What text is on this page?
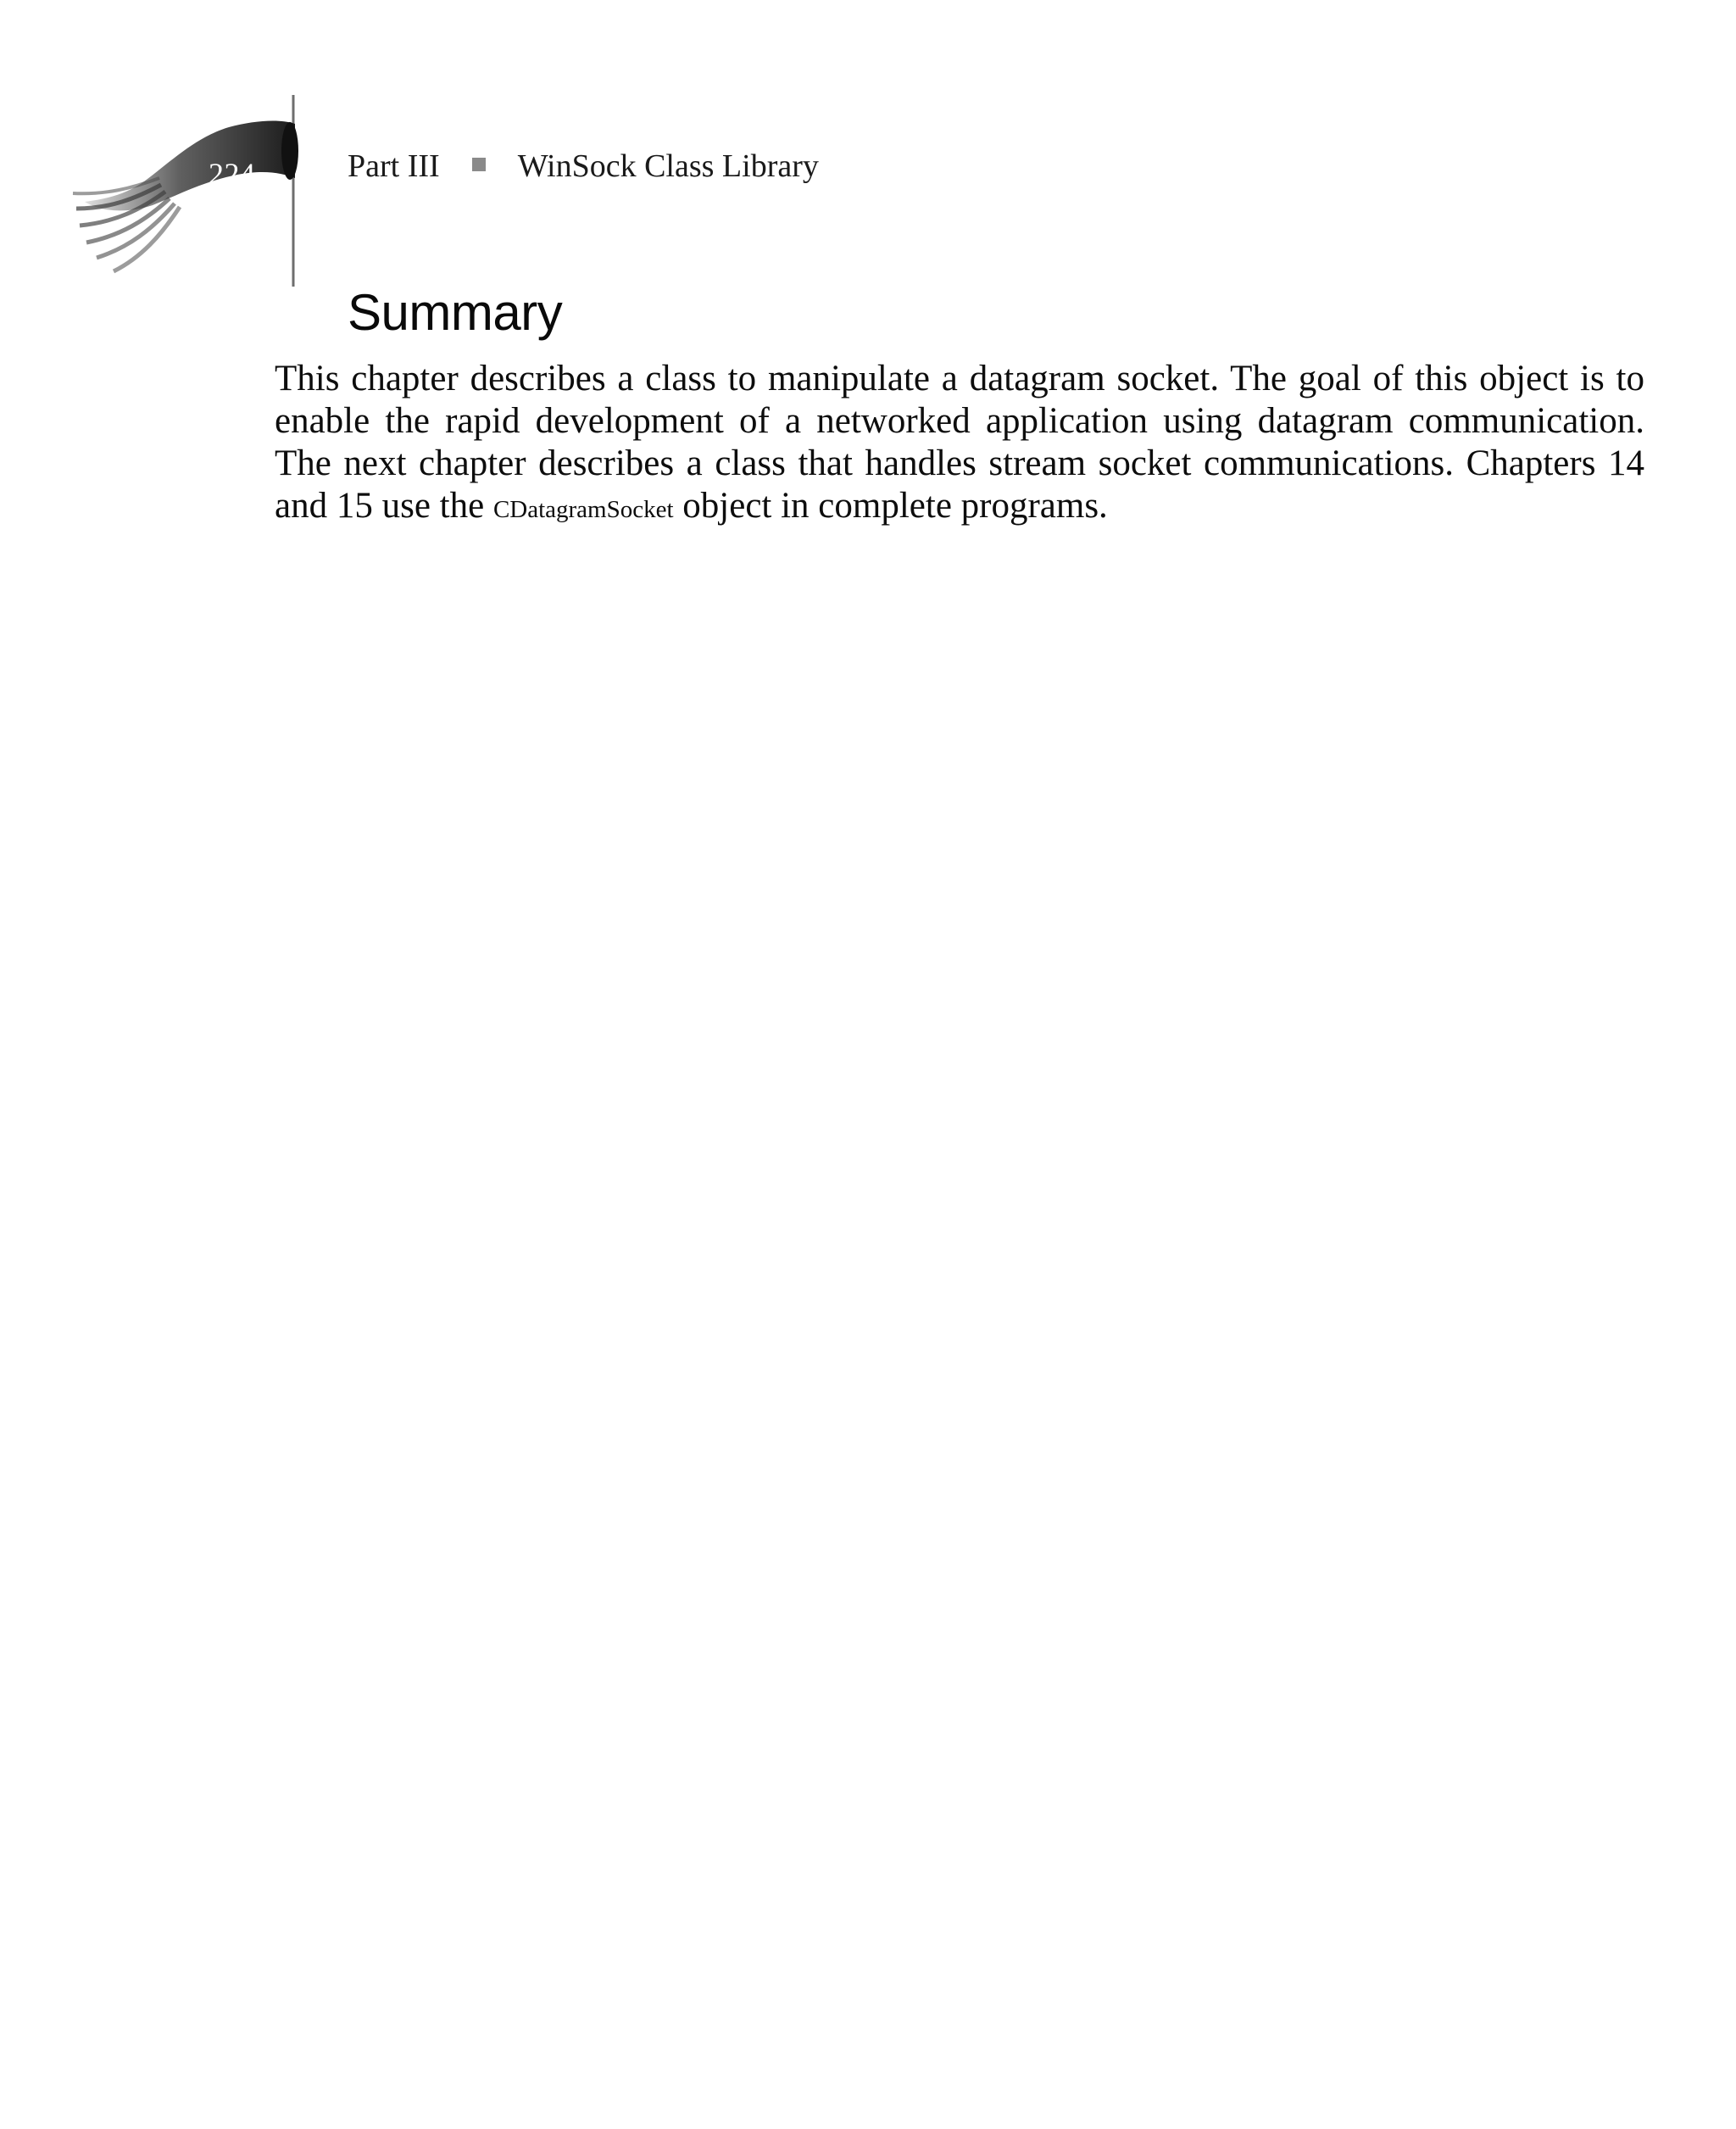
224	Part III WinSock Class Library
Summary

This chapter describes a class to manipulate a datagram socket. The goal of this object is to enable the rapid development of a networked application using datagram communication. The next chapter describes a class that handles stream socket communications. Chapters 14 and 15 use the CDatagramSocket object in complete programs.
